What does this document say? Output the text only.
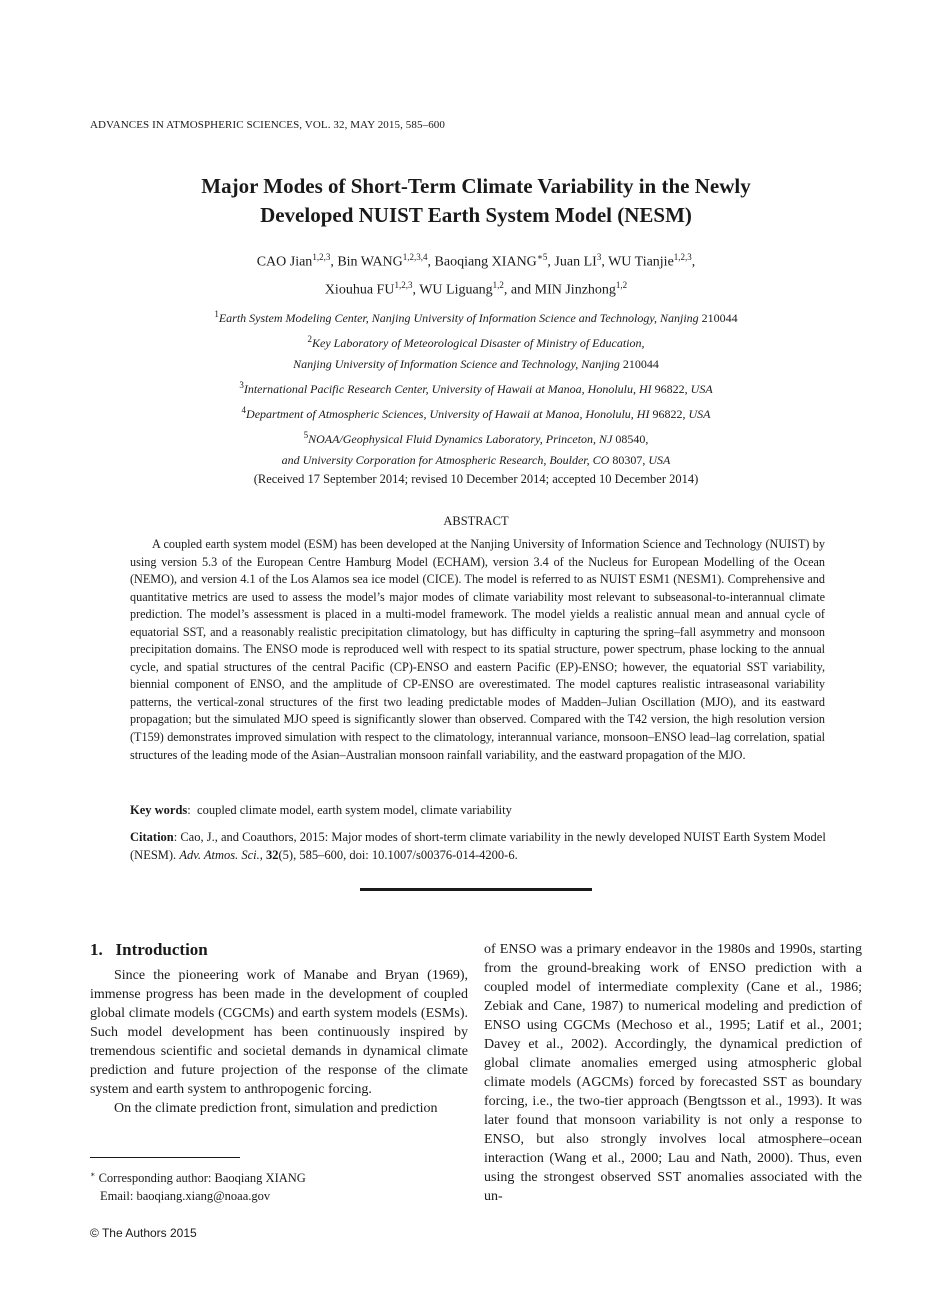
ADVANCES IN ATMOSPHERIC SCIENCES, VOL. 32, MAY 2015, 585–600
Major Modes of Short-Term Climate Variability in the Newly
Developed NUIST Earth System Model (NESM)
CAO Jian$^{1,2,3}$, Bin WANG$^{1,2,3,4}$, Baoqiang $XIANG^{∗5}$, Juan $LI^3$, WU Tianjie$^{1,2,3}$,
Xiouhua FU$^{1,2,3}$, WU Liguang$^{1,2}$, and MIN Jinzhong$^{1,2}$
$^1$Earth System Modeling Center, Nanjing University of Information Science and Technology, Nanjing 210044
$^2$Key Laboratory of Meteorological Disaster of Ministry of Education,
Nanjing University of Information Science and Technology, Nanjing 210044
$^3$International Pacific Research Center, University of Hawaii at Manoa, Honolulu, HI 96822, USA
$^4$Department of Atmospheric Sciences, University of Hawaii at Manoa, Honolulu, HI 96822, USA
$^5$NOAA/Geophysical Fluid Dynamics Laboratory, Princeton, NJ 08540,
and University Corporation for Atmospheric Research, Boulder, CO 80307, USA
(Received 17 September 2014; revised 10 December 2014; accepted 10 December 2014)
ABSTRACT
A coupled earth system model (ESM) has been developed at the Nanjing University of Information Science and Technology (NUIST) by using version 5.3 of the European Centre Hamburg Model (ECHAM), version 3.4 of the Nucleus for European Modelling of the Ocean (NEMO), and version 4.1 of the Los Alamos sea ice model (CICE). The model is referred to as NUIST ESM1 (NESM1). Comprehensive and quantitative metrics are used to assess the model’s major modes of climate variability most relevant to subseasonal-to-interannual climate prediction. The model’s assessment is placed in a multi-model framework. The model yields a realistic annual mean and annual cycle of equatorial SST, and a reasonably realistic precipitation climatology, but has difficulty in capturing the spring–fall asymmetry and monsoon precipitation domains. The ENSO mode is reproduced well with respect to its spatial structure, power spectrum, phase locking to the annual cycle, and spatial structures of the central Pacific (CP)-ENSO and eastern Pacific (EP)-ENSO; however, the equatorial SST variability, biennial component of ENSO, and the amplitude of CP-ENSO are overestimated. The model captures realistic intraseasonal variability patterns, the vertical-zonal structures of the first two leading predictable modes of Madden–Julian Oscillation (MJO), and its eastward propagation; but the simulated MJO speed is significantly slower than observed. Compared with the T42 version, the high resolution version (T159) demonstrates improved simulation with respect to the climatology, interannual variance, monsoon–ENSO lead–lag correlation, spatial structures of the leading mode of the Asian–Australian monsoon rainfall variability, and the eastward propagation of the MJO.
Key words:  coupled climate model, earth system model, climate variability
Citation: Cao, J., and Coauthors, 2015: Major modes of short-term climate variability in the newly developed NUIST Earth System Model (NESM). Adv. Atmos. Sci., 32(5), 585–600, doi: 10.1007/s00376-014-4200-6.
1. Introduction

Since the pioneering work of Manabe and Bryan (1969), immense progress has been made in the development of coupled global climate models (CGCMs) and earth system models (ESMs). Such model development has been continuously inspired by tremendous scientific and societal demands in dynamical climate prediction and future projection of the response of the climate system and earth system to anthropogenic forcing.

On the climate prediction front, simulation and prediction

of ENSO was a primary endeavor in the 1980s and 1990s, starting from the ground-breaking work of ENSO prediction with a coupled model of intermediate complexity (Cane et al., 1986; Zebiak and Cane, 1987) to numerical modeling and prediction of ENSO using CGCMs (Mechoso et al., 1995; Latif et al., 2001; Davey et al., 2002). Accordingly, the dynamical prediction of global climate anomalies emerged using atmospheric global climate models (AGCMs) forced by forecasted SST as boundary forcing, i.e., the two-tier approach (Bengtsson et al., 1993). It was later found that monsoon variability is not only a response to ENSO, but also strongly involves local atmosphere–ocean interaction (Wang et al., 2000; Lau and Nath, 2000). Thus, even using the strongest observed SST anomalies associated with the un-

∗ Corresponding author: Baoqiang XIANG
Email: baoqiang.xiang@noaa.gov
© The Authors 2015
